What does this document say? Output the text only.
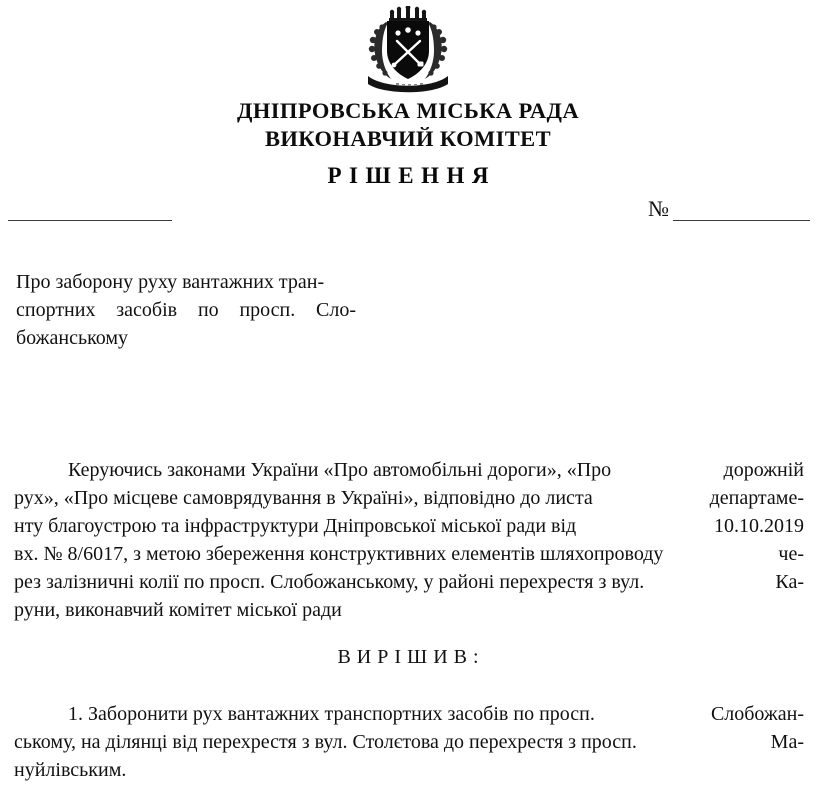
ДНІПРОВСЬКА МІСЬКА РАДА
ВИКОНАВЧИЙ КОМІТЕТ
РІШЕННЯ
№
Про заборону руху вантажних тран-
спортних засобів по просп. Сло-
божанському
Керуючись законами України «Про автомобільні дороги», «Про	дорожній
рух», «Про місцеве самоврядування в Україні», відповідно до листа	департаме-
нту благоустрою та інфраструктури Дніпровської міської ради від	10.10.2019
вх. № 8/6017, з метою збереження конструктивних елементів шляхопроводу	че-
рез залізничні колії по просп. Слобожанському, у районі перехрестя з вул.	Ка-
руни, виконавчий комітет міської ради
ВИРІШИВ:
1. Заборонити рух вантажних транспортних засобів по просп.	Слобожан-
ському, на ділянці від перехрестя з вул. Столєтова до перехрестя з просп.	Ма-
нуйлівським.
